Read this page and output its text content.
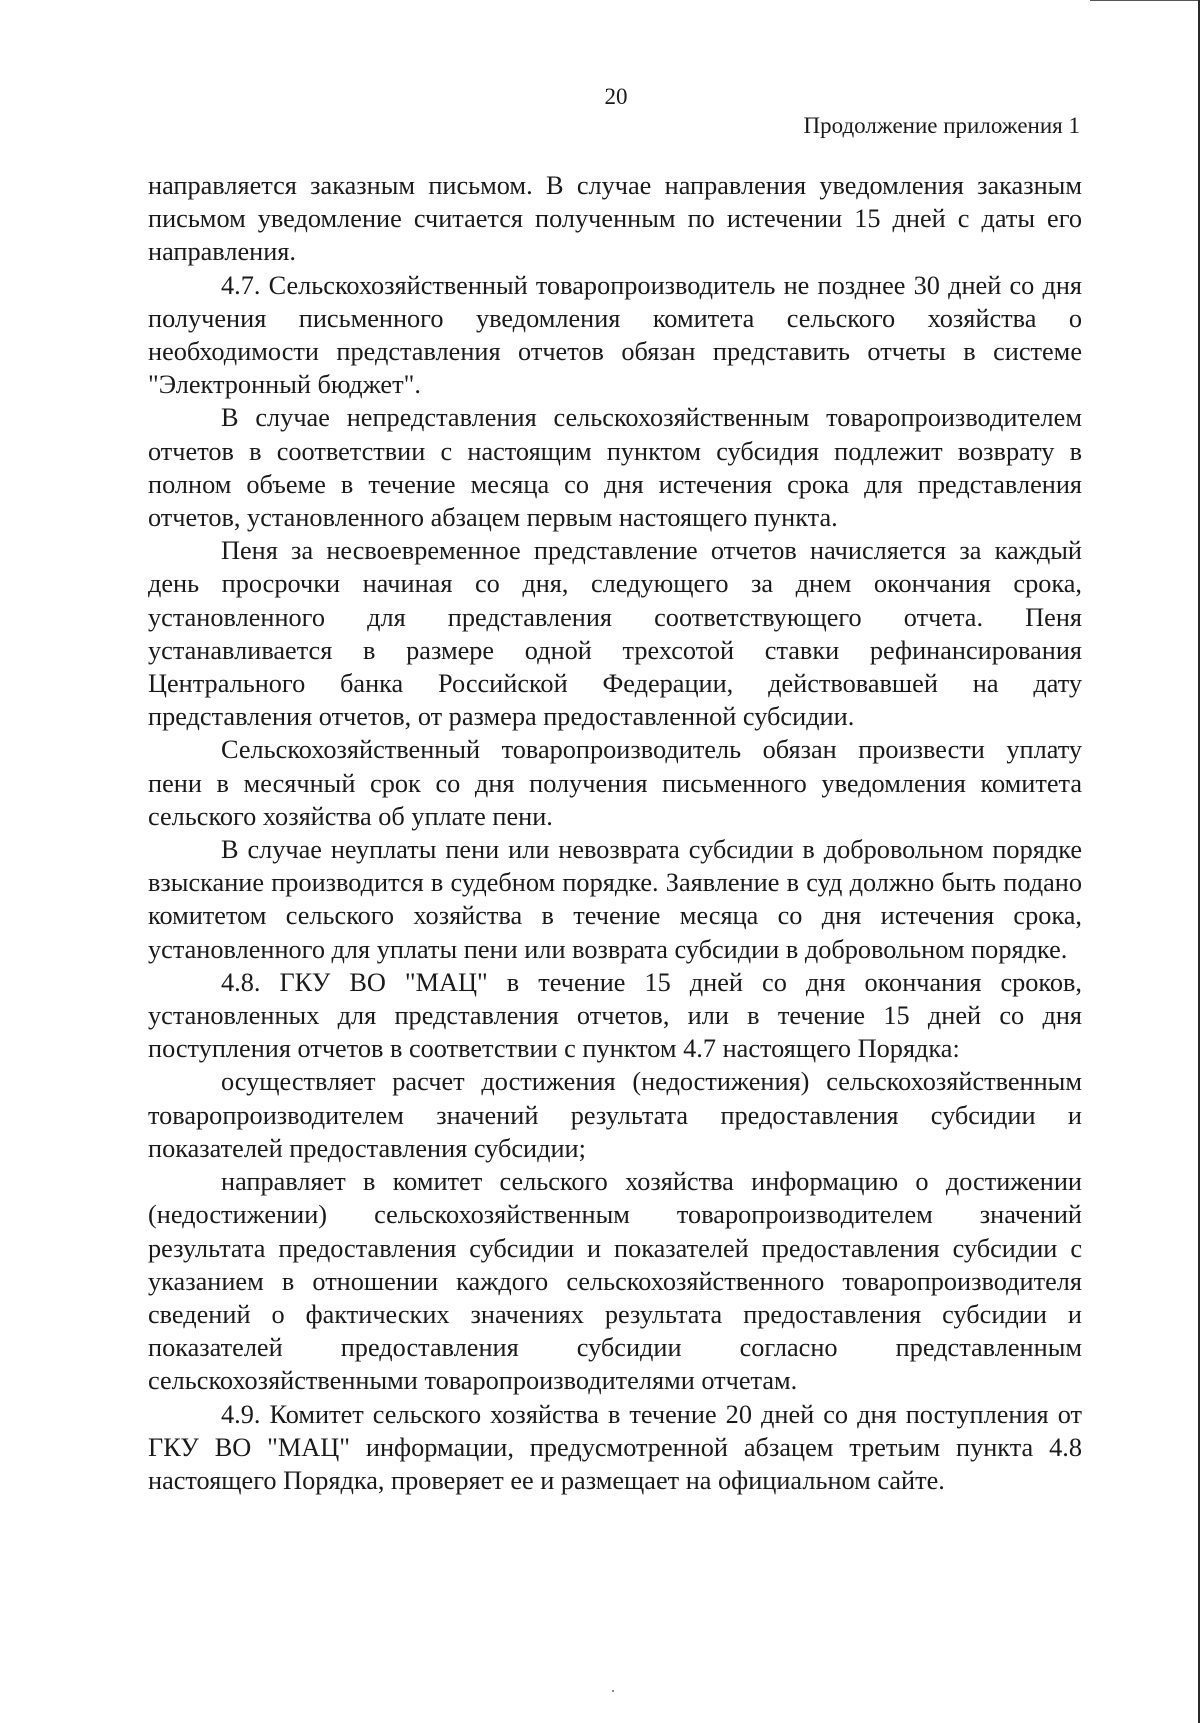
20
Продолжение приложения 1

направляется заказным письмом. В случае направления уведомления заказным письмом уведомление считается полученным по истечении 15 дней с даты его направления.

4.7. Сельскохозяйственный товаропроизводитель не позднее 30 дней со дня получения письменного уведомления комитета сельского хозяйства о необходимости представления отчетов обязан представить отчеты в системе "Электронный бюджет".

В случае непредставления сельскохозяйственным товаропроизводителем отчетов в соответствии с настоящим пунктом субсидия подлежит возврату в полном объеме в течение месяца со дня истечения срока для представления отчетов, установленного абзацем первым настоящего пункта.

Пеня за несвоевременное представление отчетов начисляется за каждый день просрочки начиная со дня, следующего за днем окончания срока, установленного для представления соответствующего отчета. Пеня устанавливается в размере одной трехсотой ставки рефинансирования Центрального банка Российской Федерации, действовавшей на дату представления отчетов, от размера предоставленной субсидии.

Сельскохозяйственный товаропроизводитель обязан произвести уплату пени в месячный срок со дня получения письменного уведомления комитета сельского хозяйства об уплате пени.

В случае неуплаты пени или невозврата субсидии в добровольном порядке взыскание производится в судебном порядке. Заявление в суд должно быть подано комитетом сельского хозяйства в течение месяца со дня истечения срока, установленного для уплаты пени или возврата субсидии в добровольном порядке.

4.8. ГКУ ВО "МАЦ" в течение 15 дней со дня окончания сроков, установленных для представления отчетов, или в течение 15 дней со дня поступления отчетов в соответствии с пунктом 4.7 настоящего Порядка:

осуществляет расчет достижения (недостижения) сельскохозяйственным товаропроизводителем значений результата предоставления субсидии и показателей предоставления субсидии;

направляет в комитет сельского хозяйства информацию о достижении (недостижении) сельскохозяйственным товаропроизводителем значений результата предоставления субсидии и показателей предоставления субсидии с указанием в отношении каждого сельскохозяйственного товаропроизводителя сведений о фактических значениях результата предоставления субсидии и показателей предоставления субсидии согласно представленным сельскохозяйственными товаропроизводителями отчетам.

4.9. Комитет сельского хозяйства в течение 20 дней со дня поступления от ГКУ ВО "МАЦ" информации, предусмотренной абзацем третьим пункта 4.8 настоящего Порядка, проверяет ее и размещает на официальном сайте.
